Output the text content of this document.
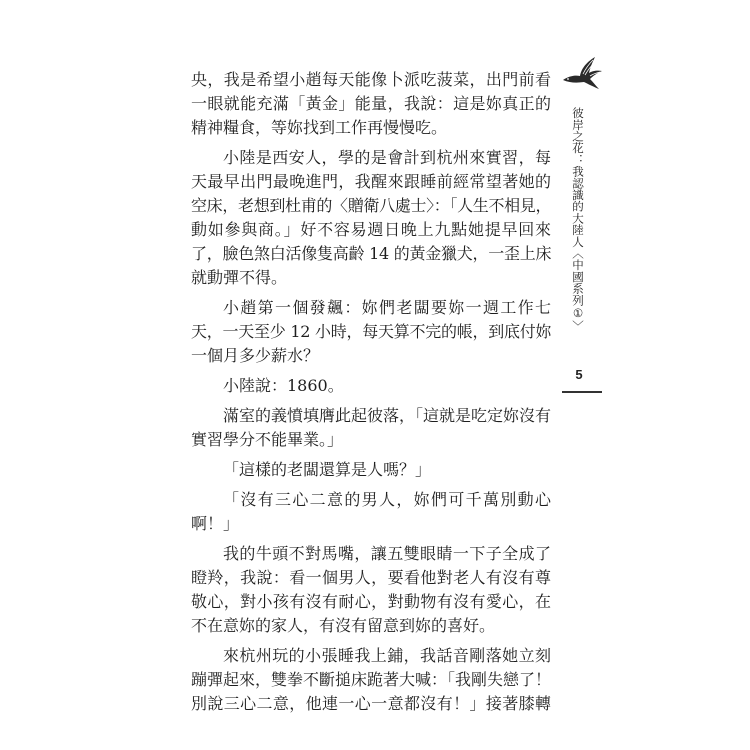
央，我是希望小趙每天能像卜派吃菠菜，出門前看
一眼就能充滿「黃金」能量，我說：這是妳真正的
精神糧食，等妳找到工作再慢慢吃。
小陸是西安人，學的是會計到杭州來實習，每
天最早出門最晚進門，我醒來跟睡前經常望著她的
空床，老想到杜甫的〈贈衛八處士〉：「人生不相見，
動如參與商。」好不容易週日晚上九點她提早回來
了，臉色煞白活像隻高齡 14 的黃金獵犬，一歪上床
就動彈不得。
小趙第一個發飆：妳們老闆要妳一週工作七
天，一天至少 12 小時，每天算不完的帳，到底付妳
一個月多少薪水？
小陸說：1860。
滿室的義憤填膺此起彼落，「這就是吃定妳沒有
實習學分不能畢業。」
「這樣的老闆還算是人嗎？」
「沒有三心二意的男人，妳們可千萬別動心
啊！」
我的牛頭不對馬嘴，讓五雙眼睛一下子全成了
瞪羚，我說：看一個男人，要看他對老人有沒有尊
敬心，對小孩有沒有耐心，對動物有沒有愛心，在
不在意妳的家人，有沒有留意到妳的喜好。
來杭州玩的小張睡我上鋪，我話音剛落她立刻
蹦彈起來，雙拳不斷搥床跪著大喊：「我剛失戀了！
別說三心二意，他連一心一意都沒有！」接著膝轉
彼岸之花：我認識的大陸人〈中國系列①〉
5
